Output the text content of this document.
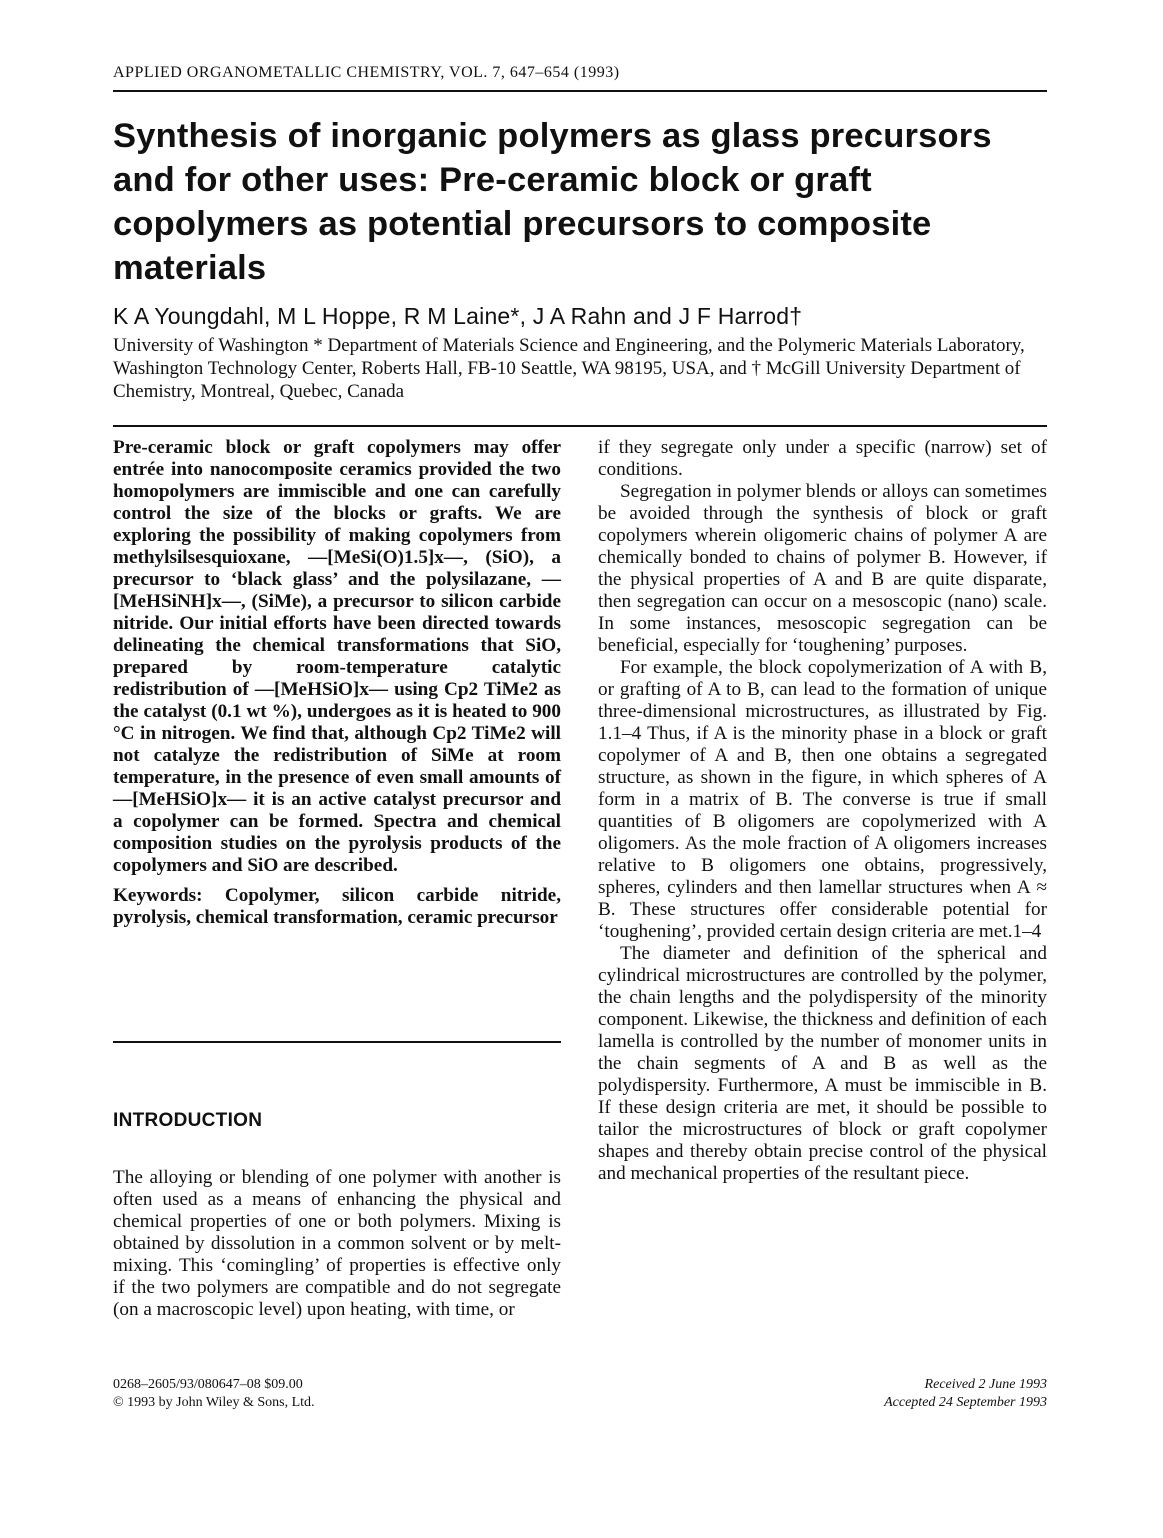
APPLIED ORGANOMETALLIC CHEMISTRY, VOL. 7, 647–654 (1993)
Synthesis of inorganic polymers as glass precursors and for other uses: Pre-ceramic block or graft copolymers as potential precursors to composite materials
K A Youngdahl, M L Hoppe, R M Laine*, J A Rahn and J F Harrod†
University of Washington * Department of Materials Science and Engineering, and the Polymeric Materials Laboratory, Washington Technology Center, Roberts Hall, FB-10 Seattle, WA 98195, USA, and † McGill University Department of Chemistry, Montreal, Quebec, Canada

Pre-ceramic block or graft copolymers may offer entrée into nanocomposite ceramics provided the two homopolymers are immiscible and one can carefully control the size of the blocks or grafts. We are exploring the possibility of making copolymers from methylsilsesquioxane, —[MeSi(O)1.5]x—, (SiO), a precursor to ‘black glass’ and the polysilazane, —[MeHSiNH]x—, (SiMe), a precursor to silicon carbide nitride. Our initial efforts have been directed towards delineating the chemical transformations that SiO, prepared by room-temperature catalytic redistribution of —[MeHSiO]x— using Cp2 TiMe2 as the catalyst (0.1 wt %), undergoes as it is heated to 900 °C in nitrogen. We find that, although Cp2 TiMe2 will not catalyze the redistribution of SiMe at room temperature, in the presence of even small amounts of —[MeHSiO]x— it is an active catalyst precursor and a copolymer can be formed. Spectra and chemical composition studies on the pyrolysis products of the copolymers and SiO are described.

Keywords: Copolymer, silicon carbide nitride, pyrolysis, chemical transformation, ceramic precursor

INTRODUCTION

The alloying or blending of one polymer with another is often used as a means of enhancing the physical and chemical properties of one or both polymers. Mixing is obtained by dissolution in a common solvent or by melt-mixing. This ‘comingling’ of properties is effective only if the two polymers are compatible and do not segregate (on a macroscopic level) upon heating, with time, or

if they segregate only under a specific (narrow) set of conditions.

Segregation in polymer blends or alloys can sometimes be avoided through the synthesis of block or graft copolymers wherein oligomeric chains of polymer A are chemically bonded to chains of polymer B. However, if the physical properties of A and B are quite disparate, then segregation can occur on a mesoscopic (nano) scale. In some instances, mesoscopic segregation can be beneficial, especially for ‘toughening’ purposes.

For example, the block copolymerization of A with B, or grafting of A to B, can lead to the formation of unique three-dimensional microstructures, as illustrated by Fig. 1.1–4 Thus, if A is the minority phase in a block or graft copolymer of A and B, then one obtains a segregated structure, as shown in the figure, in which spheres of A form in a matrix of B. The converse is true if small quantities of B oligomers are copolymerized with A oligomers. As the mole fraction of A oligomers increases relative to B oligomers one obtains, progressively, spheres, cylinders and then lamellar structures when A ≈ B. These structures offer considerable potential for ‘toughening’, provided certain design criteria are met.1–4

The diameter and definition of the spherical and cylindrical microstructures are controlled by the polymer, the chain lengths and the polydispersity of the minority component. Likewise, the thickness and definition of each lamella is controlled by the number of monomer units in the chain segments of A and B as well as the polydispersity. Furthermore, A must be immiscible in B. If these design criteria are met, it should be possible to tailor the microstructures of block or graft copolymer shapes and thereby obtain precise control of the physical and mechanical properties of the resultant piece.

0268–2605/93/080647–08 $09.00
© 1993 by John Wiley & Sons, Ltd.
Received 2 June 1993
Accepted 24 September 1993
